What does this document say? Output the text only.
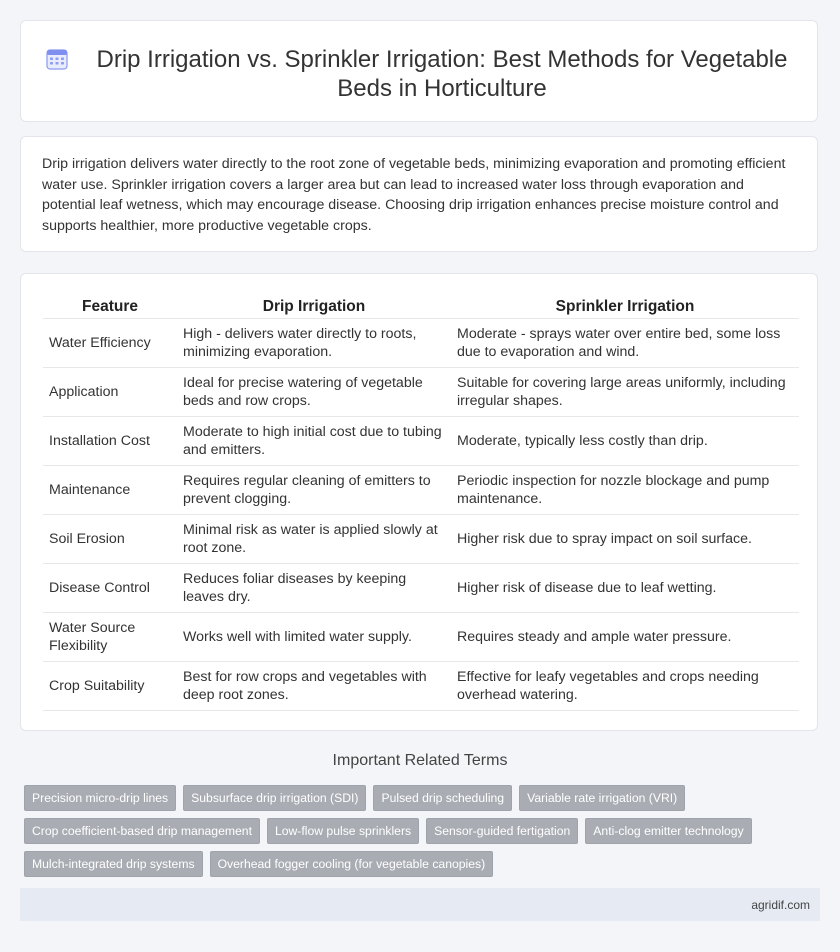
Drip Irrigation vs. Sprinkler Irrigation: Best Methods for Vegetable Beds in Horticulture

Drip irrigation delivers water directly to the root zone of vegetable beds, minimizing evaporation and promoting efficient water use. Sprinkler irrigation covers a larger area but can lead to increased water loss through evaporation and potential leaf wetness, which may encourage disease. Choosing drip irrigation enhances precise moisture control and supports healthier, more productive vegetable crops.

Feature	Drip Irrigation	Sprinkler Irrigation
Water Efficiency	High - delivers water directly to roots, minimizing evaporation.	Moderate - sprays water over entire bed, some loss due to evaporation and wind.
Application	Ideal for precise watering of vegetable beds and row crops.	Suitable for covering large areas uniformly, including irregular shapes.
Installation Cost	Moderate to high initial cost due to tubing and emitters.	Moderate, typically less costly than drip.
Maintenance	Requires regular cleaning of emitters to prevent clogging.	Periodic inspection for nozzle blockage and pump maintenance.
Soil Erosion	Minimal risk as water is applied slowly at root zone.	Higher risk due to spray impact on soil surface.
Disease Control	Reduces foliar diseases by keeping leaves dry.	Higher risk of disease due to leaf wetting.
Water Source Flexibility	Works well with limited water supply.	Requires steady and ample water pressure.
Crop Suitability	Best for row crops and vegetables with deep root zones.	Effective for leafy vegetables and crops needing overhead watering.
Important Related Terms
Precision micro-drip lines	Subsurface drip irrigation (SDI)	Pulsed drip scheduling	Variable rate irrigation (VRI)
Crop coefficient-based drip management	Low-flow pulse sprinklers	Sensor-guided fertigation	Anti-clog emitter technology
Mulch-integrated drip systems	Overhead fogger cooling (for vegetable canopies)
agridif.com
